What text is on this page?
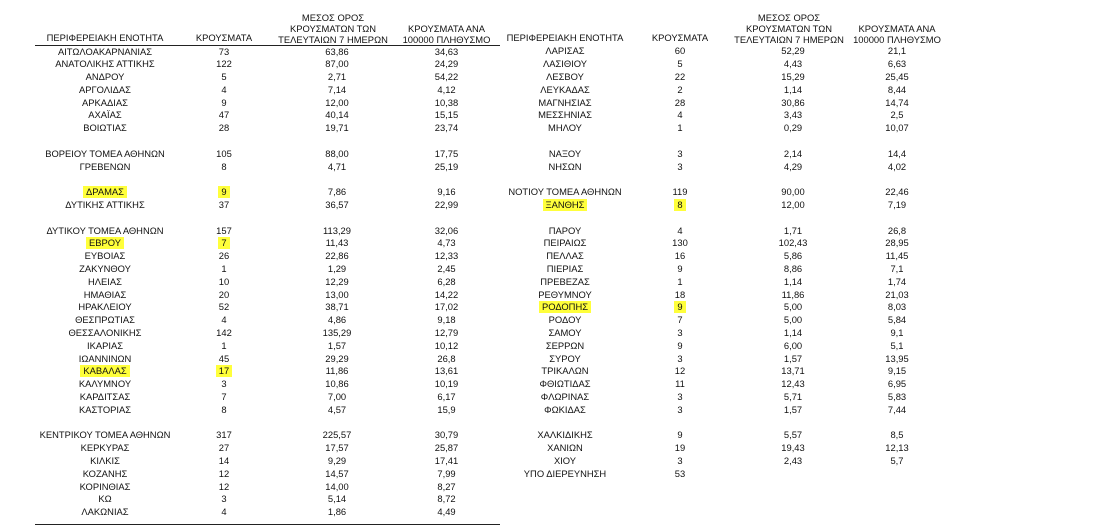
ΠΕΡΙΦΕΡΕΙΑΚΗ ΕΝΟΤΗΤΑ	ΚΡΟΥΣΜΑΤΑ	ΜΕΣΟΣ ΟΡΟΣ ΚΡΟΥΣΜΑΤΩΝ ΤΩΝ ΤΕΛΕΥΤΑΙΩΝ 7 ΗΜΕΡΩΝ	ΚΡΟΥΣΜΑΤΑ ΑΝΑ 100000 ΠΛΗΘΥΣΜΟ	ΠΕΡΙΦΕΡΕΙΑΚΗ ΕΝΟΤΗΤΑ	ΚΡΟΥΣΜΑΤΑ	ΜΕΣΟΣ ΟΡΟΣ ΚΡΟΥΣΜΑΤΩΝ ΤΩΝ ΤΕΛΕΥΤΑΙΩΝ 7 ΗΜΕΡΩΝ	ΚΡΟΥΣΜΑΤΑ ΑΝΑ 100000 ΠΛΗΘΥΣΜΟ
ΑΙΤΩΛΟΑΚΑΡΝΑΝΙΑΣ	73	63,86	34,63	ΛΑΡΙΣΑΣ	60	52,29	21,1
ΑΝΑΤΟΛΙΚΗΣ ΑΤΤΙΚΗΣ	122	87,00	24,29	ΛΑΣΙΘΙΟΥ	5	4,43	6,63
ΑΝΔΡΟΥ	5	2,71	54,22	ΛΕΣΒΟΥ	22	15,29	25,45
ΑΡΓΟΛΙΔΑΣ	4	7,14	4,12	ΛΕΥΚΑΔΑΣ	2	1,14	8,44
ΑΡΚΑΔΙΑΣ	9	12,00	10,38	ΜΑΓΝΗΣΙΑΣ	28	30,86	14,74
ΑΧΑΪΑΣ	47	40,14	15,15	ΜΕΣΣΗΝΙΑΣ	4	3,43	2,5
ΒΟΙΩΤΙΑΣ	28	19,71	23,74	ΜΗΛΟΥ	1	0,29	10,07

ΒΟΡΕΙΟΥ ΤΟΜΕΑ ΑΘΗΝΩΝ	105	88,00	17,75	ΝΑΞΟΥ	3	2,14	14,4
ΓΡΕΒΕΝΩΝ	8	4,71	25,19	ΝΗΣΩΝ	3	4,29	4,02

ΔΡΑΜΑΣ	9	7,86	9,16	ΝΟΤΙΟΥ ΤΟΜΕΑ ΑΘΗΝΩΝ	119	90,00	22,46
ΔΥΤΙΚΗΣ ΑΤΤΙΚΗΣ	37	36,57	22,99	ΞΑΝΘΗΣ	8	12,00	7,19

ΔΥΤΙΚΟΥ ΤΟΜΕΑ ΑΘΗΝΩΝ	157	113,29	32,06	ΠΑΡΟΥ	4	1,71	26,8
ΕΒΡΟΥ	7	11,43	4,73	ΠΕΙΡΑΙΩΣ	130	102,43	28,95
ΕΥΒΟΙΑΣ	26	22,86	12,33	ΠΕΛΛΑΣ	16	5,86	11,45
ΖΑΚΥΝΘΟΥ	1	1,29	2,45	ΠΙΕΡΙΑΣ	9	8,86	7,1
ΗΛΕΙΑΣ	10	12,29	6,28	ΠΡΕΒΕΖΑΣ	1	1,14	1,74
ΗΜΑΘΙΑΣ	20	13,00	14,22	ΡΕΘΥΜΝΟΥ	18	11,86	21,03
ΗΡΑΚΛΕΙΟΥ	52	38,71	17,02	ΡΟΔΟΠΗΣ	9	5,00	8,03
ΘΕΣΠΡΩΤΙΑΣ	4	4,86	9,18	ΡΟΔΟΥ	7	5,00	5,84
ΘΕΣΣΑΛΟΝΙΚΗΣ	142	135,29	12,79	ΣΑΜΟΥ	3	1,14	9,1
ΙΚΑΡΙΑΣ	1	1,57	10,12	ΣΕΡΡΩΝ	9	6,00	5,1
ΙΩΑΝΝΙΝΩΝ	45	29,29	26,8	ΣΥΡΟΥ	3	1,57	13,95
ΚΑΒΑΛΑΣ	17	11,86	13,61	ΤΡΙΚΑΛΩΝ	12	13,71	9,15
ΚΑΛΥΜΝΟΥ	3	10,86	10,19	ΦΘΙΩΤΙΔΑΣ	11	12,43	6,95
ΚΑΡΔΙΤΣΑΣ	7	7,00	6,17	ΦΛΩΡΙΝΑΣ	3	5,71	5,83
ΚΑΣΤΟΡΙΑΣ	8	4,57	15,9	ΦΩΚΙΔΑΣ	3	1,57	7,44

ΚΕΝΤΡΙΚΟΥ ΤΟΜΕΑ ΑΘΗΝΩΝ	317	225,57	30,79	ΧΑΛΚΙΔΙΚΗΣ	9	5,57	8,5
ΚΕΡΚΥΡΑΣ	27	17,57	25,87	ΧΑΝΙΩΝ	19	19,43	12,13
ΚΙΛΚΙΣ	14	9,29	17,41	ΧΙΟΥ	3	2,43	5,7
ΚΟΖΑΝΗΣ	12	14,57	7,99	ΥΠΟ ΔΙΕΡΕΥΝΗΣΗ	53		
ΚΟΡΙΝΘΙΑΣ	12	14,00	8,27				
ΚΩ	3	5,14	8,72				
ΛΑΚΩΝΙΑΣ	4	1,86	4,49				
